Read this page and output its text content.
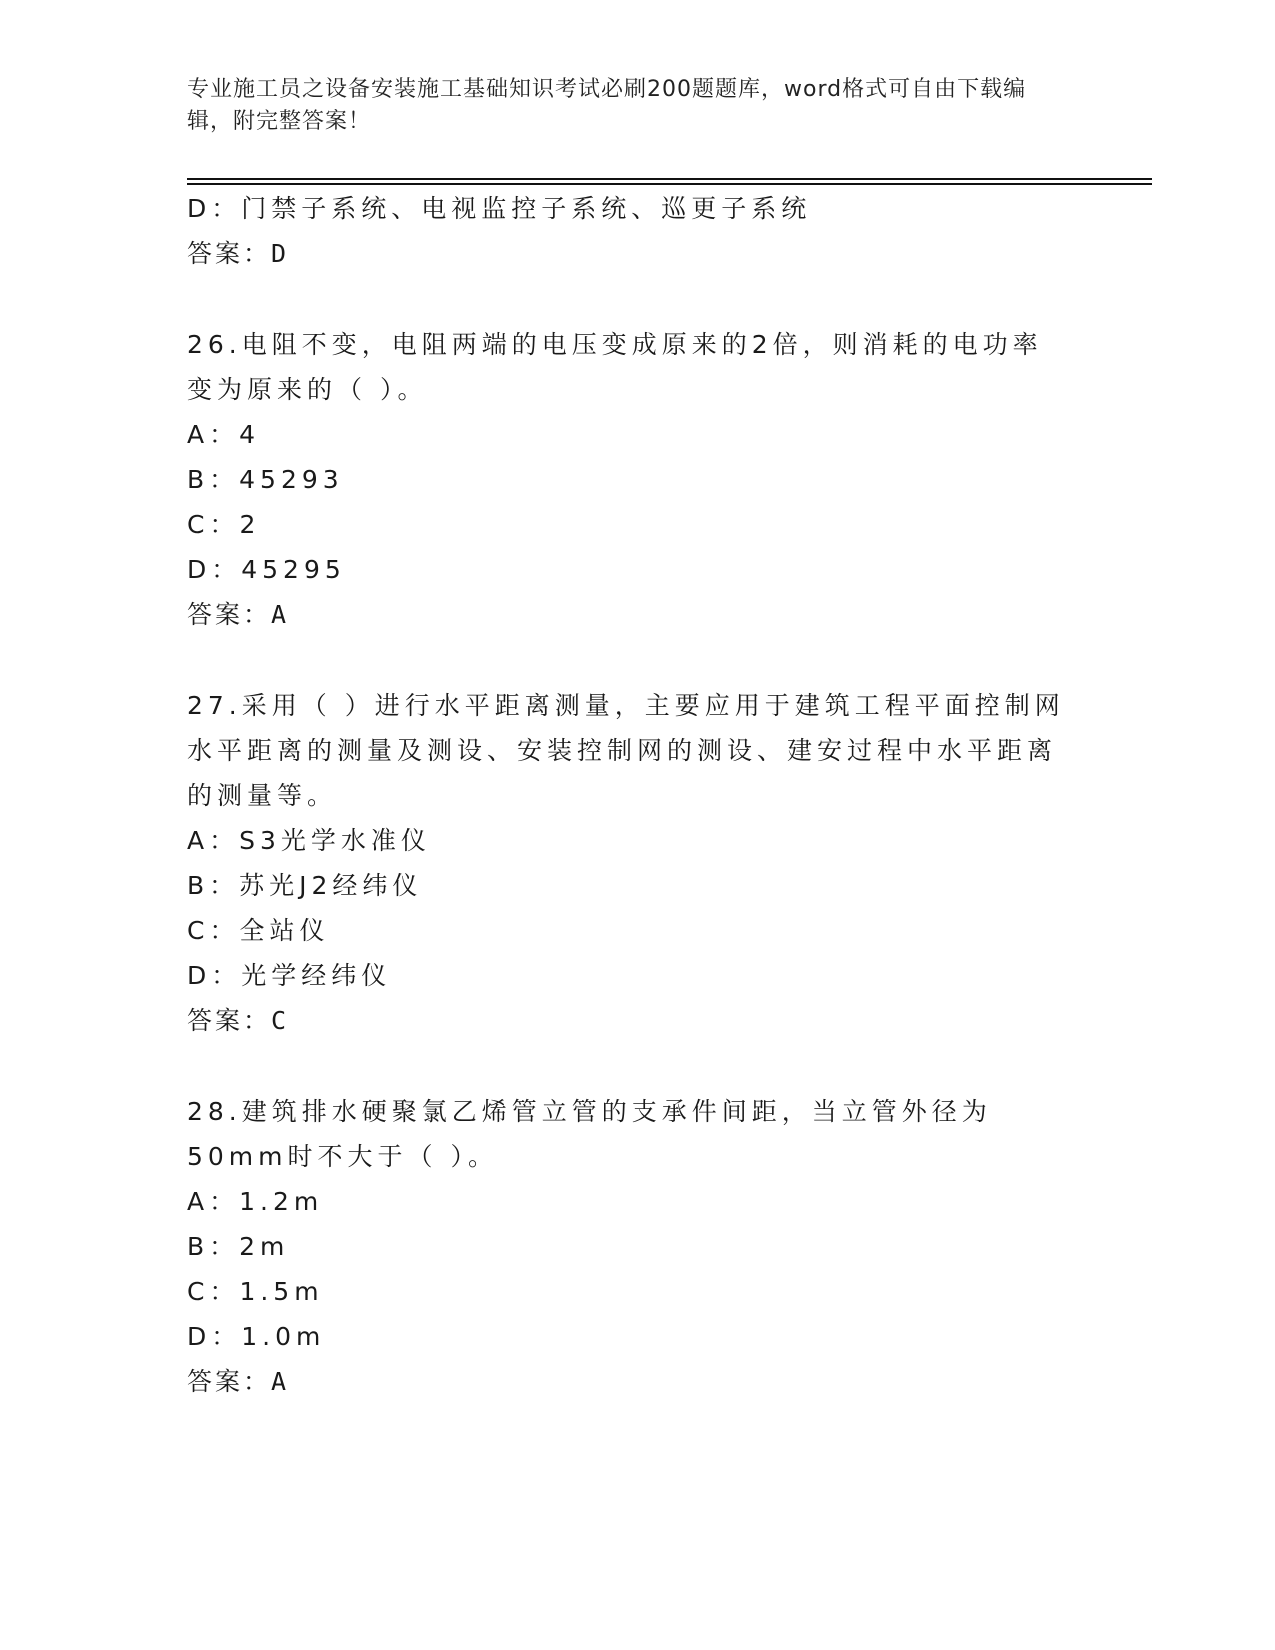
专业施工员之设备安装施工基础知识考试必刷200题题库，word格式可自由下载编辑，附完整答案！
D：门禁子系统、电视监控子系统、巡更子系统
答案：D
26.电阻不变，电阻两端的电压变成原来的2倍，则消耗的电功率变为原来的（ ）。
A：4
B：45293
C：2
D：45295
答案：A
27.采用（ ）进行水平距离测量，主要应用于建筑工程平面控制网水平距离的测量及测设、安装控制网的测设、建安过程中水平距离的测量等。
A：S3光学水准仪
B：苏光J2经纬仪
C：全站仪
D：光学经纬仪
答案：C
28.建筑排水硬聚氯乙烯管立管的支承件间距，当立管外径为50mm时不大于（ ）。
A：1.2m
B：2m
C：1.5m
D：1.0m
答案：A
